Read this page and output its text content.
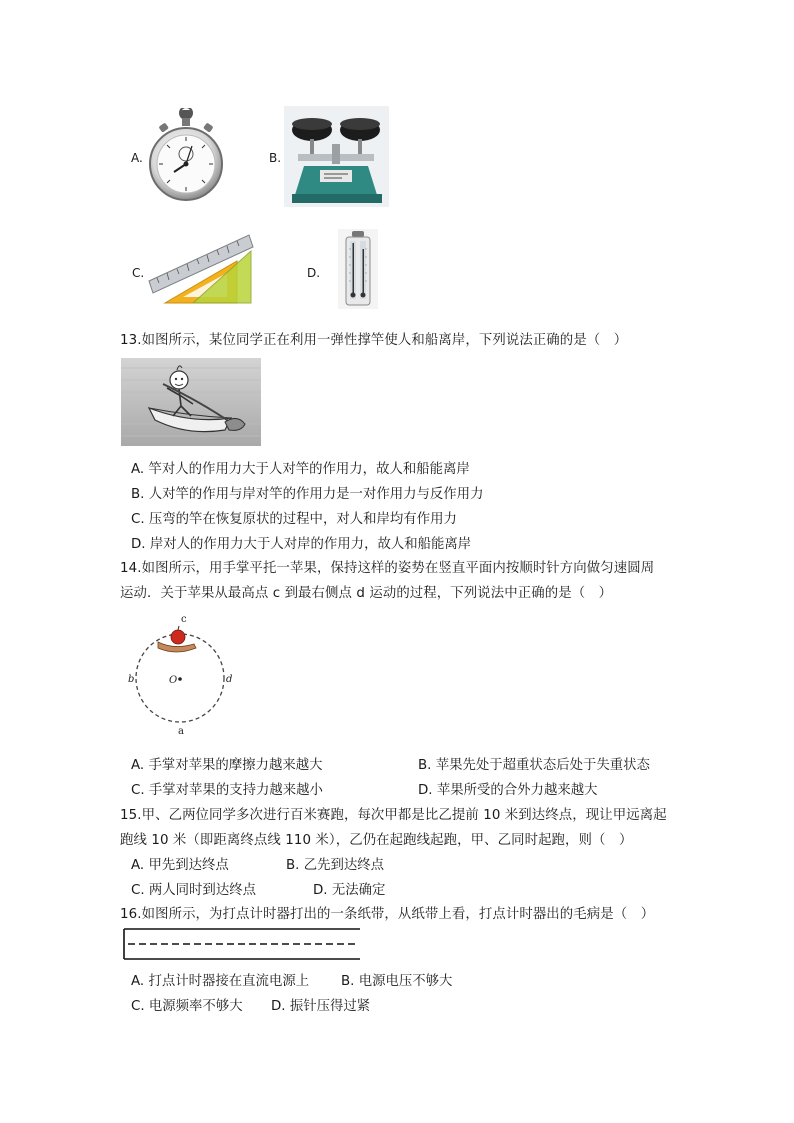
A.	B.
C.	D.
13.如图所示，某位同学正在利用一弹性撑竿使人和船离岸，下列说法正确的是（　）
A. 竿对人的作用力大于人对竿的作用力，故人和船能离岸
B. 人对竿的作用与岸对竿的作用力是一对作用力与反作用力
C. 压弯的竿在恢复原状的过程中，对人和岸均有作用力
D. 岸对人的作用力大于人对岸的作用力，故人和船能离岸
14.如图所示，用手掌平托一苹果，保持这样的姿势在竖直平面内按顺时针方向做匀速圆周
运动．关于苹果从最高点 c 到最右侧点 d 运动的过程，下列说法中正确的是（　）
c
b	d
O
a
A. 手掌对苹果的摩擦力越来越大	B. 苹果先处于超重状态后处于失重状态
C. 手掌对苹果的支持力越来越小	D. 苹果所受的合外力越来越大
15.甲、乙两位同学多次进行百米赛跑，每次甲都是比乙提前 10 米到达终点，现让甲远离起
跑线 10 米（即距离终点线 110 米），乙仍在起跑线起跑，甲、乙同时起跑，则（　）
A. 甲先到达终点	B. 乙先到达终点
C. 两人同时到达终点	D. 无法确定
16.如图所示，为打点计时器打出的一条纸带，从纸带上看，打点计时器出的毛病是（　）
A. 打点计时器接在直流电源上 B. 电源电压不够大
C. 电源频率不够大 D. 振针压得过紧
